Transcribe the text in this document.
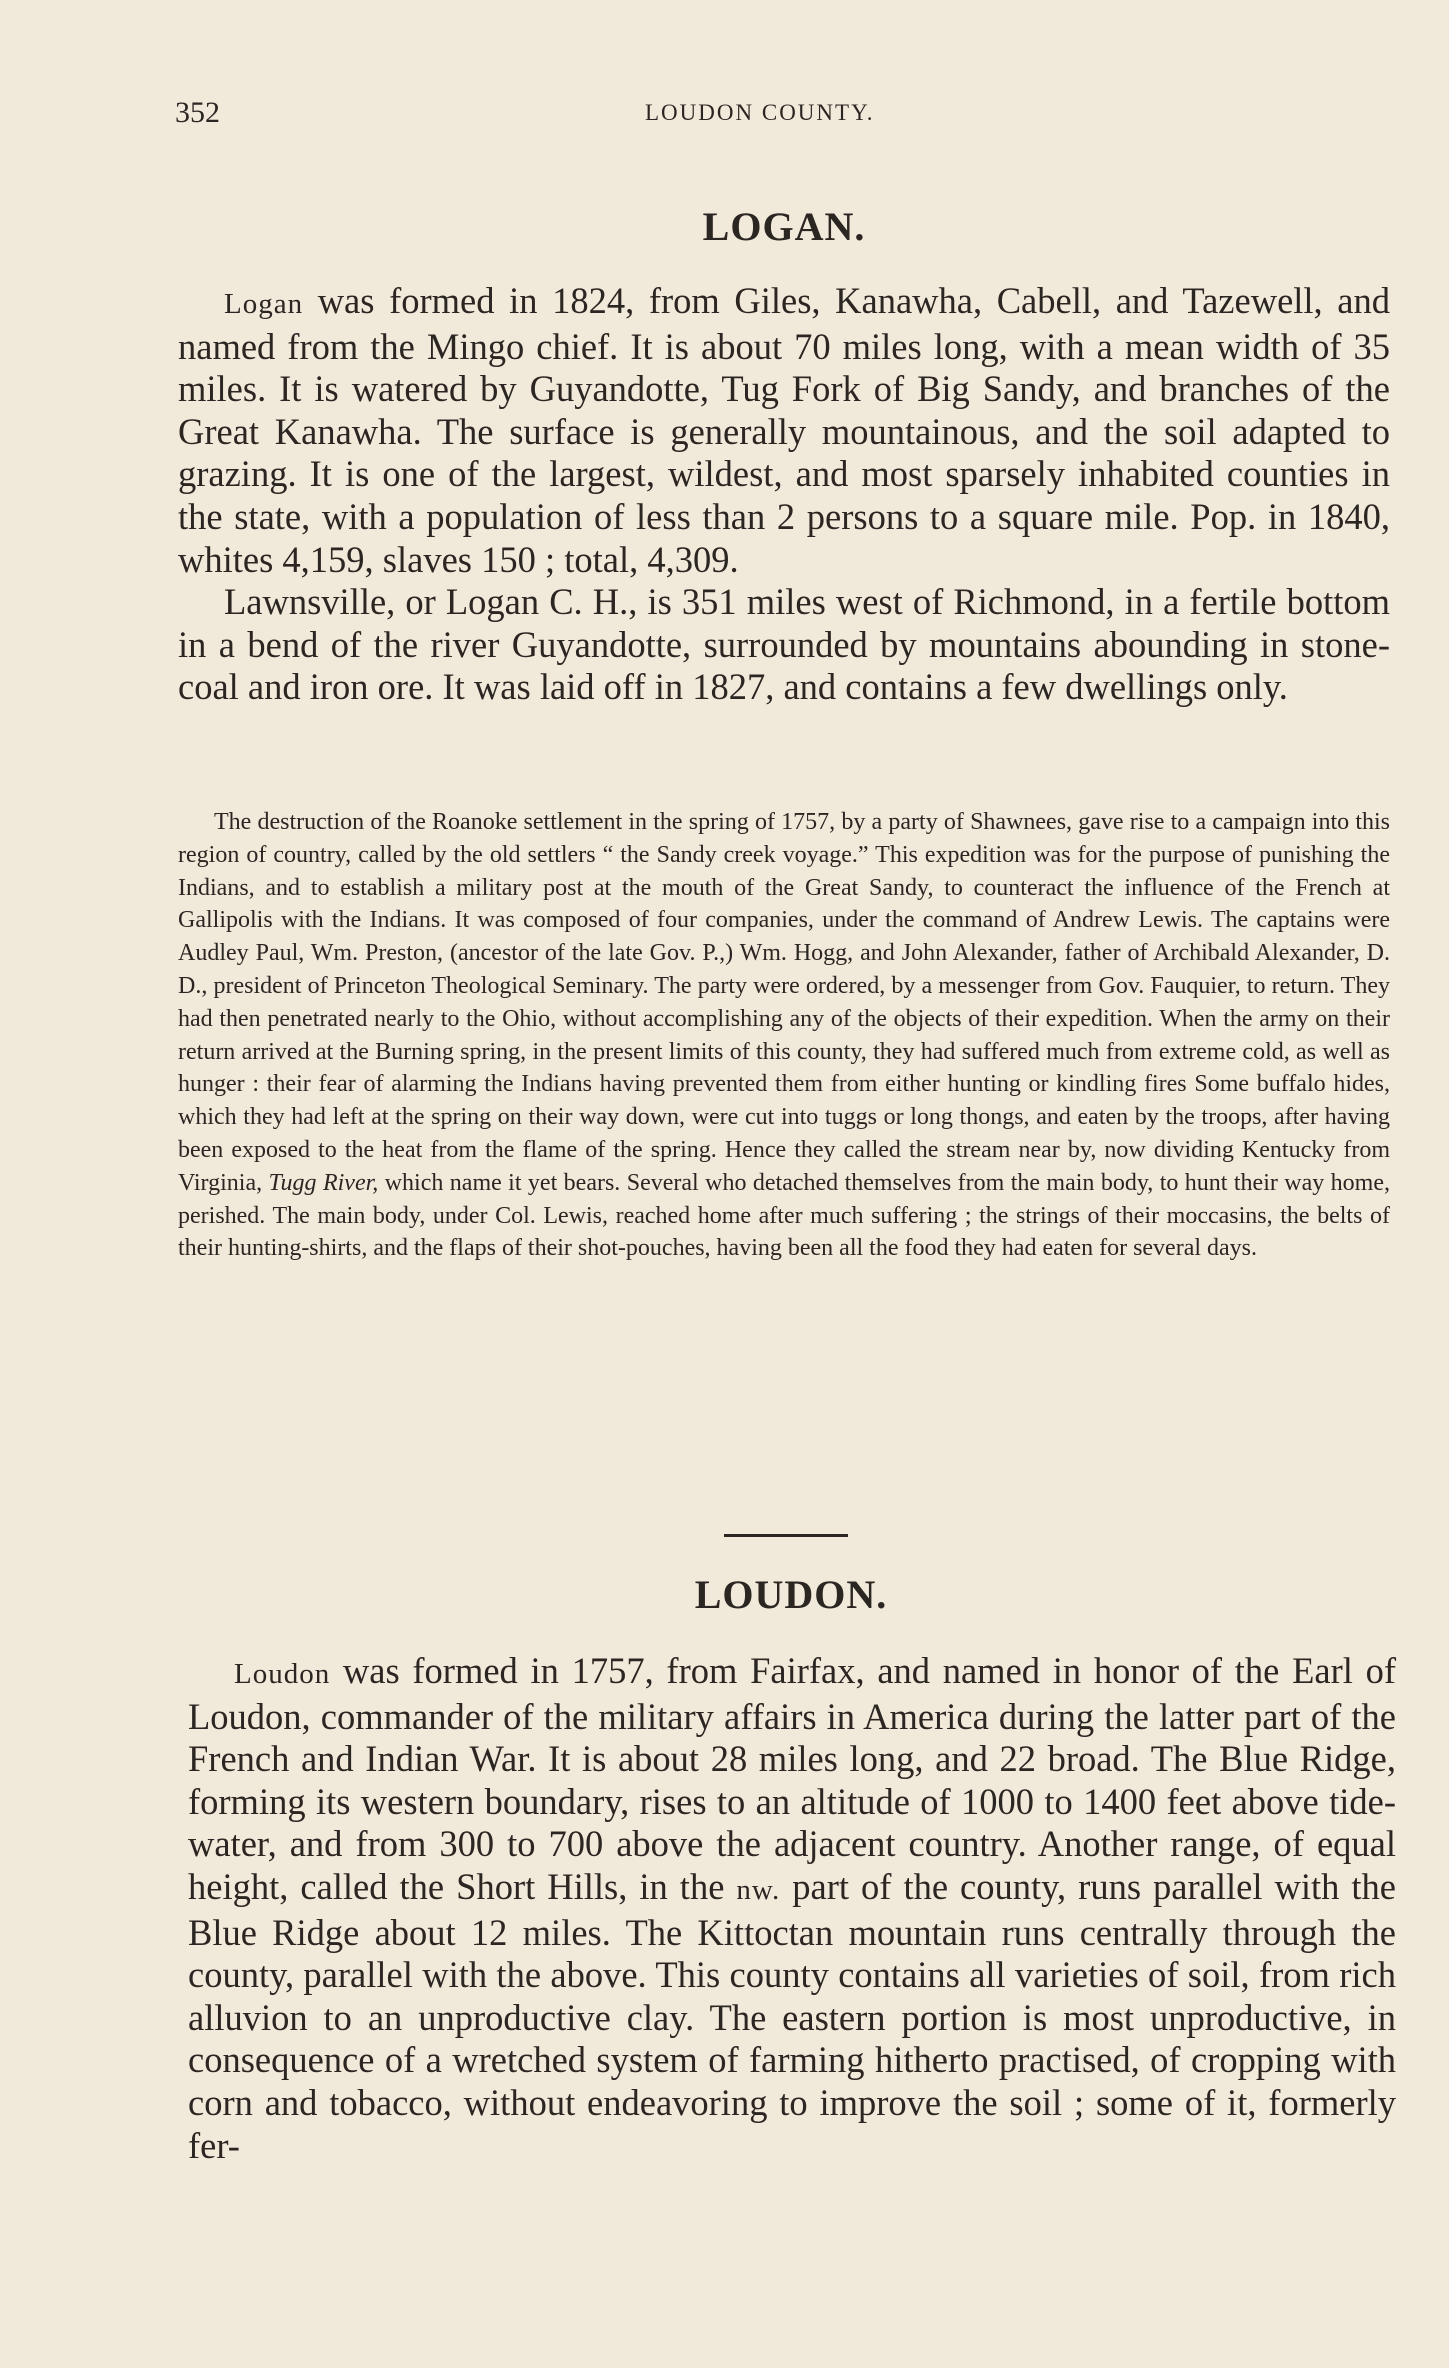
352	LOUDON COUNTY.
LOGAN.

Logan was formed in 1824, from Giles, Kanawha, Cabell, and Tazewell, and named from the Mingo chief. It is about 70 miles long, with a mean width of 35 miles. It is watered by Guyandotte, Tug Fork of Big Sandy, and branches of the Great Kanawha. The surface is generally mountainous, and the soil adapted to grazing. It is one of the largest, wildest, and most sparsely inhabited counties in the state, with a population of less than 2 persons to a square mile. Pop. in 1840, whites 4,159, slaves 150 ; total, 4,309.

Lawnsville, or Logan C. H., is 351 miles west of Richmond, in a fertile bottom in a bend of the river Guyandotte, surrounded by mountains abounding in stone-coal and iron ore. It was laid off in 1827, and contains a few dwellings only.

The destruction of the Roanoke settlement in the spring of 1757, by a party of Shawnees, gave rise to a campaign into this region of country, called by the old settlers “ the Sandy creek voyage.” This expedition was for the purpose of punishing the Indians, and to establish a military post at the mouth of the Great Sandy, to counteract the influence of the French at Gallipolis with the Indians. It was composed of four companies, under the command of Andrew Lewis. The captains were Audley Paul, Wm. Preston, (ancestor of the late Gov. P.,) Wm. Hogg, and John Alexander, father of Archibald Alexander, D. D., president of Princeton Theological Seminary. The party were ordered, by a messenger from Gov. Fauquier, to return. They had then penetrated nearly to the Ohio, without accomplishing any of the objects of their expedition. When the army on their return arrived at the Burning spring, in the present limits of this county, they had suffered much from extreme cold, as well as hunger : their fear of alarming the Indians having prevented them from either hunting or kindling fires Some buffalo hides, which they had left at the spring on their way down, were cut into tuggs or long thongs, and eaten by the troops, after having been exposed to the heat from the flame of the spring. Hence they called the stream near by, now dividing Kentucky from Virginia, Tugg River, which name it yet bears. Several who detached themselves from the main body, to hunt their way home, perished. The main body, under Col. Lewis, reached home after much suffering ; the strings of their moccasins, the belts of their hunting-shirts, and the flaps of their shot-pouches, having been all the food they had eaten for several days.

LOUDON.

Loudon was formed in 1757, from Fairfax, and named in honor of the Earl of Loudon, commander of the military affairs in America during the latter part of the French and Indian War. It is about 28 miles long, and 22 broad. The Blue Ridge, forming its western boundary, rises to an altitude of 1000 to 1400 feet above tide-water, and from 300 to 700 above the adjacent country. Another range, of equal height, called the Short Hills, in the nw. part of the county, runs parallel with the Blue Ridge about 12 miles. The Kittoctan mountain runs centrally through the county, parallel with the above. This county contains all varieties of soil, from rich alluvion to an unproductive clay. The eastern portion is most unproductive, in consequence of a wretched system of farming hitherto practised, of cropping with corn and tobacco, without endeavoring to improve the soil ; some of it, formerly fer-
